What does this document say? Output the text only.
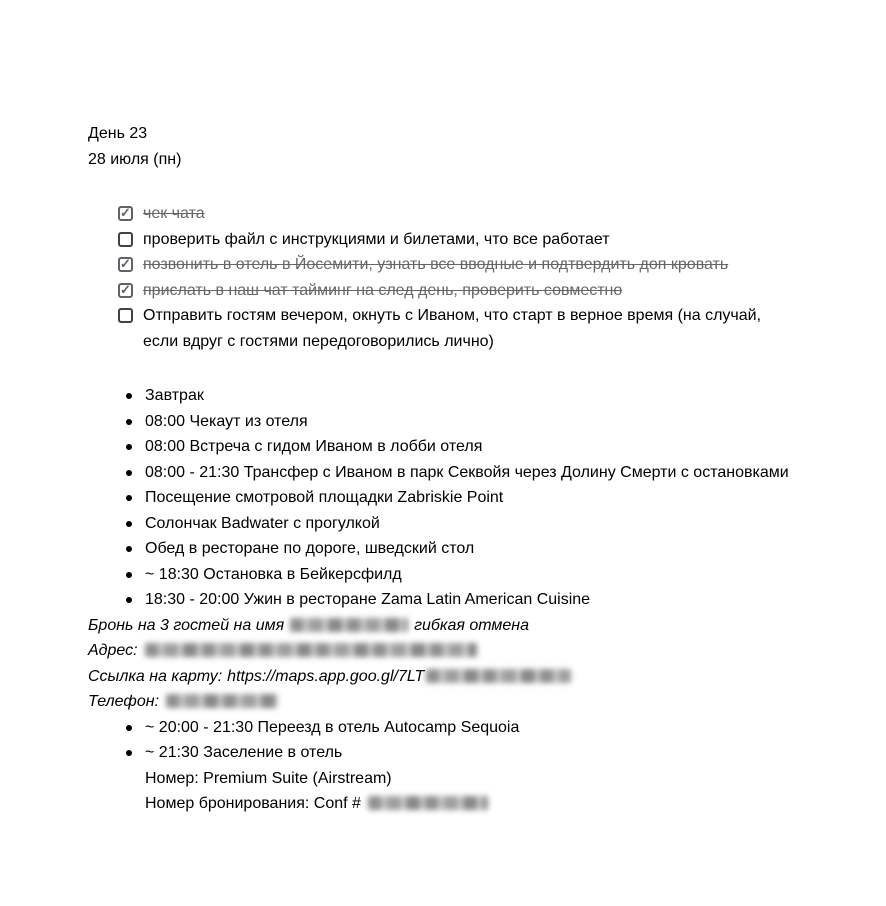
День 23

28 июля (пн)

✓ чек чата
проверить файл с инструкциями и билетами, что все работает
✓ позвонить в отель в Йосемити, узнать все вводные и подтвердить доп кровать
✓ прислать в наш чат тайминг на след день, проверить совместно
Отправить гостям вечером, окнуть с Иваном, что старт в верное время (на случай, если вдруг с гостями передоговорились лично)
Завтрак
08:00 Чекаут из отеля
08:00 Встреча с гидом Иваном в лобби отеля
08:00 - 21:30 Трансфер с Иваном в парк Секвойя через Долину Смерти с остановками
Посещение смотровой площадки Zabriskie Point
Солончак Badwater с прогулкой
Обед в ресторане по дороге, шведский стол
~ 18:30 Остановка в Бейкерсфилд
18:30 - 20:00 Ужин в ресторане Zama Latin American Cuisine

Бронь на 3 гостей на имя	гибкая отмена

Адрес:

Ссылка на карту: https://maps.app.goo.gl/7LT

Телефон:

~ 20:00 - 21:30 Переезд в отель Autocamp Sequoia
~ 21:30 Заселение в отель

Номер: Premium Suite (Airstream)

Номер бронирования: Conf #
